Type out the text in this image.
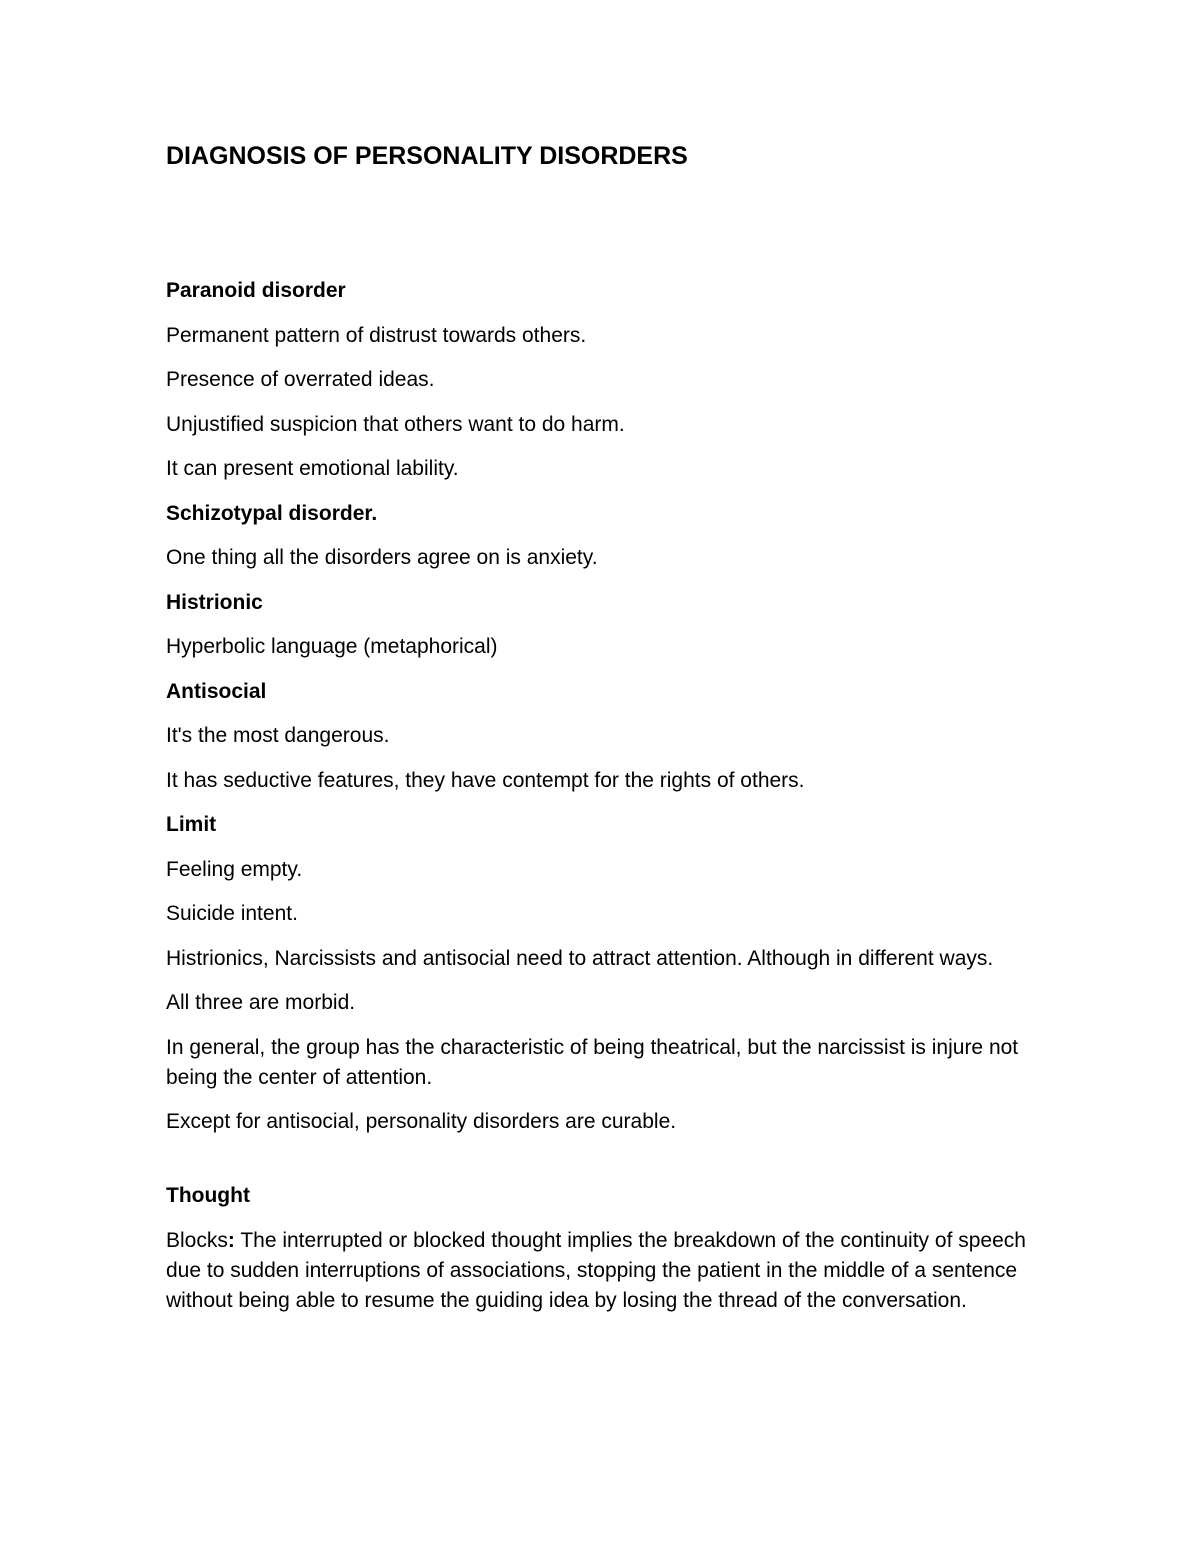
DIAGNOSIS OF PERSONALITY DISORDERS

Paranoid disorder

Permanent pattern of distrust towards others.

Presence of overrated ideas.

Unjustified suspicion that others want to do harm.

It can present emotional lability.

Schizotypal disorder.

One thing all the disorders agree on is anxiety.

Histrionic

Hyperbolic language (metaphorical)

Antisocial

It's the most dangerous.

It has seductive features, they have contempt for the rights of others.

Limit

Feeling empty.

Suicide intent.

Histrionics, Narcissists and antisocial need to attract attention. Although in different ways.

All three are morbid.

In general, the group has the characteristic of being theatrical, but the narcissist is injure not being the center of attention.

Except for antisocial, personality disorders are curable.

Thought

Blocks: The interrupted or blocked thought implies the breakdown of the continuity of speech due to sudden interruptions of associations, stopping the patient in the middle of a sentence without being able to resume the guiding idea by losing the thread of the conversation.
